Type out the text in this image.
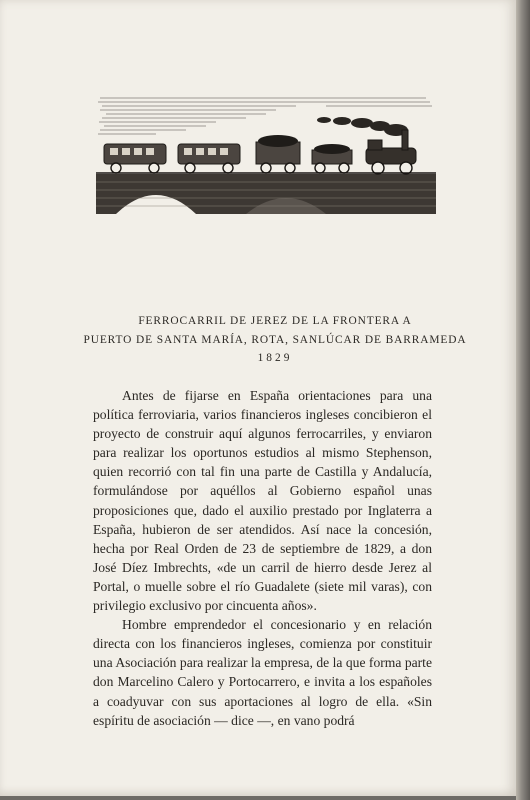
FERROCARRIL DE JEREZ DE LA FRONTERA A
PUERTO DE SANTA MARÍA, ROTA, SANLÚCAR DE BARRAMEDA
1829

Antes de fijarse en España orientaciones para una política ferroviaria, varios financieros ingleses concibieron el proyecto de construir aquí algunos ferrocarriles, y enviaron para realizar los oportunos estudios al mismo Stephenson, quien recorrió con tal fin una parte de Castilla y Andalucía, formulándose por aquéllos al Gobierno español unas proposiciones que, dado el auxilio prestado por Inglaterra a España, hubieron de ser atendidos. Así nace la concesión, hecha por Real Orden de 23 de septiembre de 1829, a don José Díez Imbrechts, «de un carril de hierro desde Jerez al Portal, o muelle sobre el río Guadalete (siete mil varas), con privilegio exclusivo por cincuenta años».

Hombre emprendedor el concesionario y en relación directa con los financieros ingleses, comienza por constituir una Asociación para realizar la empresa, de la que forma parte don Marcelino Calero y Portocarrero, e invita a los españoles a coadyuvar con sus aportaciones al logro de ella. «Sin espíritu de asociación — dice —, en vano podrá
